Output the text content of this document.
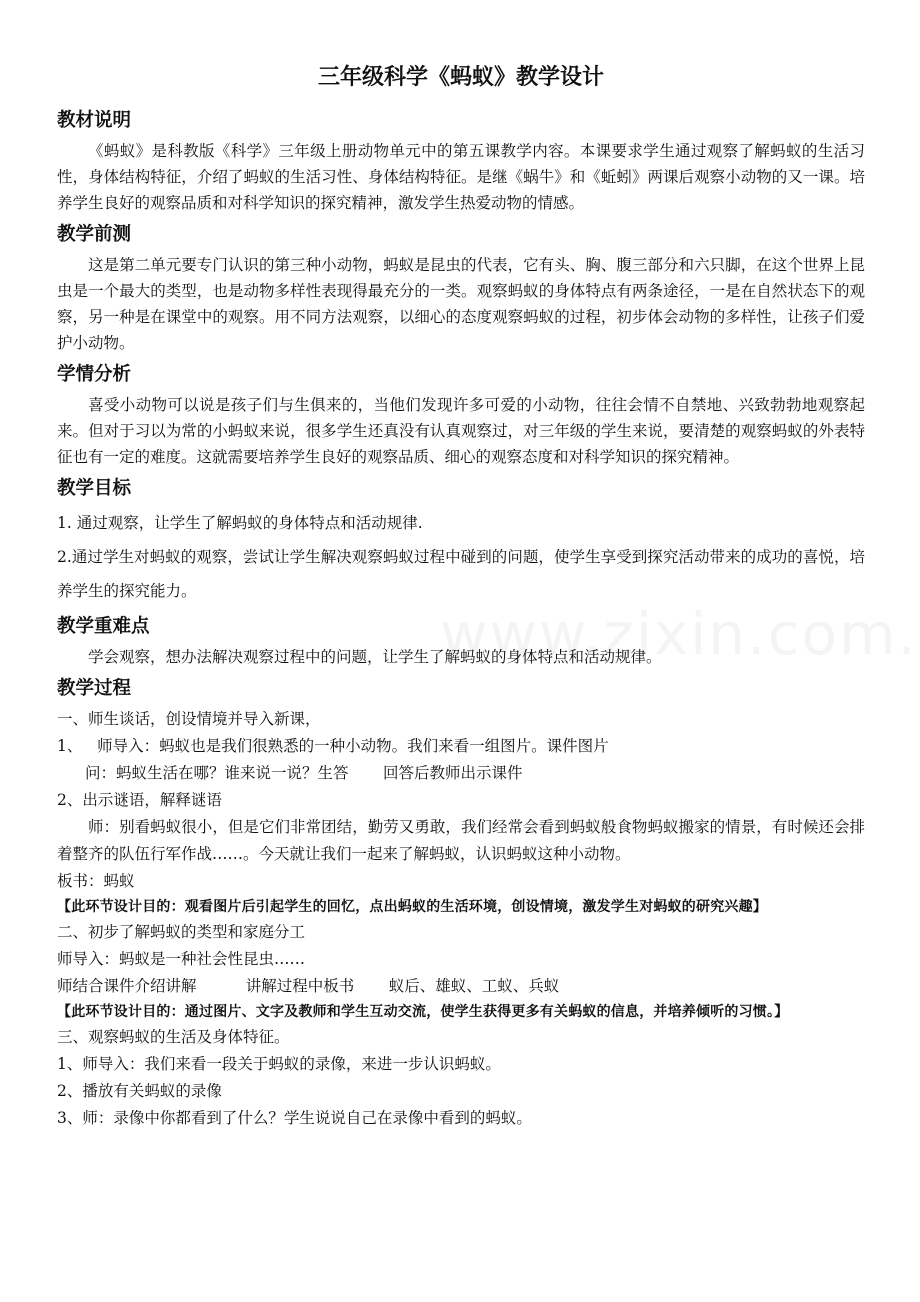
三年级科学《蚂蚁》教学设计
教材说明
《蚂蚁》是科教版《科学》三年级上册动物单元中的第五课教学内容。本课要求学生通过观察了解蚂蚁的生活习性，身体结构特征，介绍了蚂蚁的生活习性、身体结构特征。是继《蜗牛》和《蚯蚓》两课后观察小动物的又一课。培养学生良好的观察品质和对科学知识的探究精神，激发学生热爱动物的情感。
教学前测
这是第二单元要专门认识的第三种小动物，蚂蚁是昆虫的代表，它有头、胸、腹三部分和六只脚，在这个世界上昆虫是一个最大的类型，也是动物多样性表现得最充分的一类。观察蚂蚁的身体特点有两条途径，一是在自然状态下的观察，另一种是在课堂中的观察。用不同方法观察，以细心的态度观察蚂蚁的过程，初步体会动物的多样性，让孩子们爱护小动物。
学情分析
喜受小动物可以说是孩子们与生俱来的，当他们发现许多可爱的小动物，往往会情不自禁地、兴致勃勃地观察起来。但对于习以为常的小蚂蚁来说，很多学生还真没有认真观察过，对三年级的学生来说，要清楚的观察蚂蚁的外表特征也有一定的难度。这就需要培养学生良好的观察品质、细心的观察态度和对科学知识的探究精神。
教学目标
1. 通过观察，让学生了解蚂蚁的身体特点和活动规律.
2.通过学生对蚂蚁的观察，尝试让学生解决观察蚂蚁过程中碰到的问题，使学生享受到探究活动带来的成功的喜悦，培养学生的探究能力。
教学重难点
学会观察，想办法解决观察过程中的问题，让学生了解蚂蚁的身体特点和活动规律。
教学过程
一、师生谈话，创设情境并导入新课，
1、   师导入：蚂蚁也是我们很熟悉的一种小动物。我们来看一组图片。课件图片
问：蚂蚁生活在哪？谁来说一说？生答       回答后教师出示课件
2、出示谜语，解释谜语
师：别看蚂蚁很小，但是它们非常团结，勤劳又勇敢，我们经常会看到蚂蚁般食物蚂蚁搬家的情景，有时候还会排着整齐的队伍行军作战……。今天就让我们一起来了解蚂蚁，认识蚂蚁这种小动物。
板书：蚂蚁
【此环节设计目的：观看图片后引起学生的回忆，点出蚂蚁的生活环境，创设情境，激发学生对蚂蚁的研究兴趣】
二、初步了解蚂蚁的类型和家庭分工
师导入：蚂蚁是一种社会性昆虫……
师结合课件介绍讲解          讲解过程中板书       蚁后、雄蚁、工蚁、兵蚁
【此环节设计目的：通过图片、文字及教师和学生互动交流，使学生获得更多有关蚂蚁的信息，并培养倾听的习惯。】
三、观察蚂蚁的生活及身体特征。
1、师导入：我们来看一段关于蚂蚁的录像，来进一步认识蚂蚁。
2、播放有关蚂蚁的录像
3、师：录像中你都看到了什么？学生说说自己在录像中看到的蚂蚁。
